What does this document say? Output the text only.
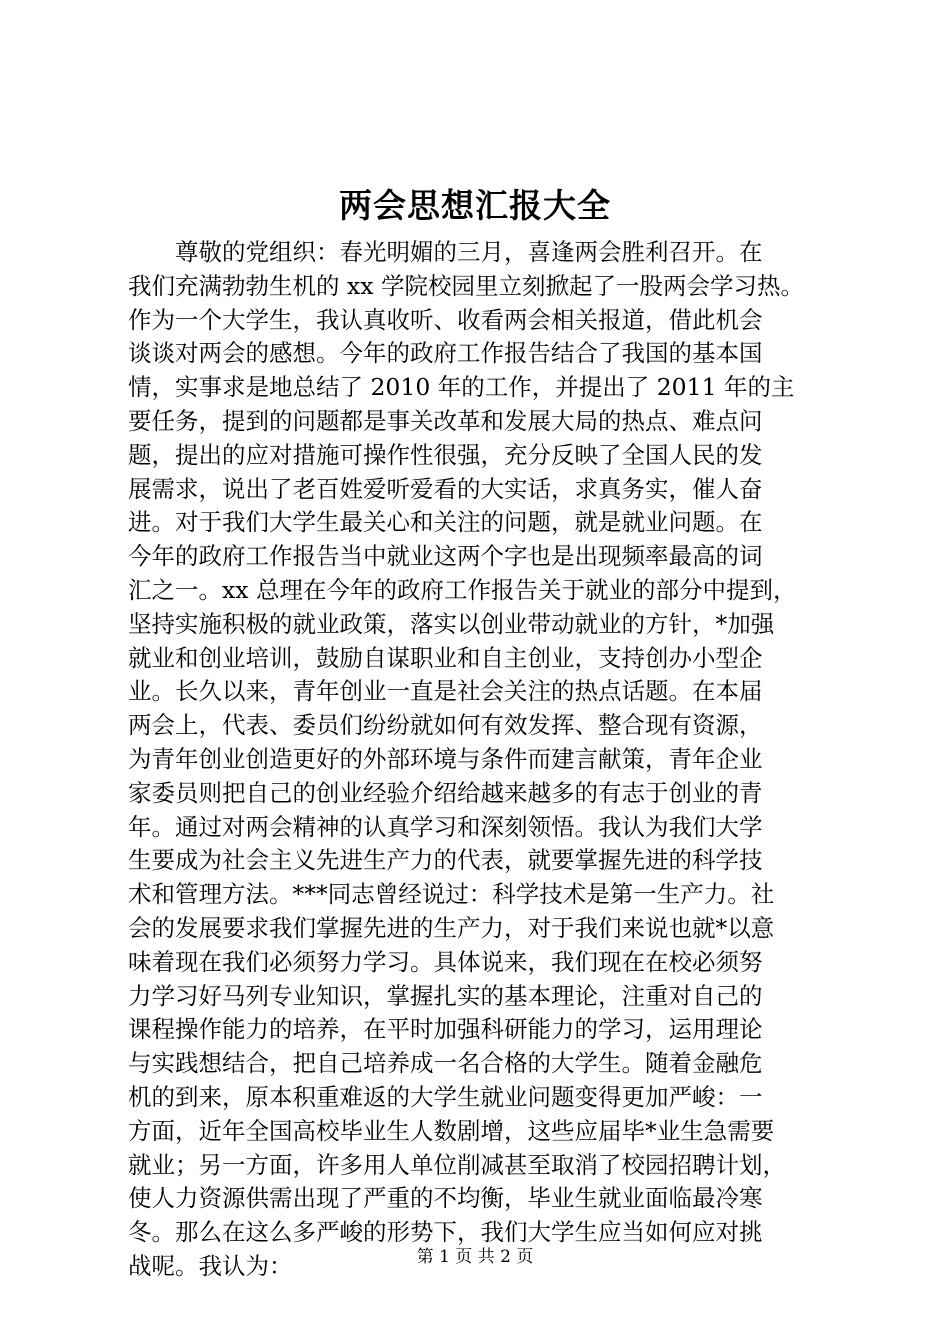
两会思想汇报大全
　　尊敬的党组织：春光明媚的三月，喜逢两会胜利召开。在
我们充满勃勃生机的 xx 学院校园里立刻掀起了一股两会学习热。
作为一个大学生，我认真收听、收看两会相关报道，借此机会
谈谈对两会的感想。今年的政府工作报告结合了我国的基本国
情，实事求是地总结了 2010 年的工作，并提出了 2011 年的主
要任务，提到的问题都是事关改革和发展大局的热点、难点问
题，提出的应对措施可操作性很强，充分反映了全国人民的发
展需求，说出了老百姓爱听爱看的大实话，求真务实，催人奋
进。对于我们大学生最关心和关注的问题，就是就业问题。在
今年的政府工作报告当中就业这两个字也是出现频率最高的词
汇之一。xx 总理在今年的政府工作报告关于就业的部分中提到，
坚持实施积极的就业政策，落实以创业带动就业的方针，*加强
就业和创业培训，鼓励自谋职业和自主创业，支持创办小型企
业。长久以来，青年创业一直是社会关注的热点话题。在本届
两会上，代表、委员们纷纷就如何有效发挥、整合现有资源，
为青年创业创造更好的外部环境与条件而建言献策，青年企业
家委员则把自己的创业经验介绍给越来越多的有志于创业的青
年。通过对两会精神的认真学习和深刻领悟。我认为我们大学
生要成为社会主义先进生产力的代表，就要掌握先进的科学技
术和管理方法。***同志曾经说过：科学技术是第一生产力。社
会的发展要求我们掌握先进的生产力，对于我们来说也就*以意
味着现在我们必须努力学习。具体说来，我们现在在校必须努
力学习好马列专业知识，掌握扎实的基本理论，注重对自己的
课程操作能力的培养，在平时加强科研能力的学习，运用理论
与实践想结合，把自己培养成一名合格的大学生。随着金融危
机的到来，原本积重难返的大学生就业问题变得更加严峻：一
方面，近年全国高校毕业生人数剧增，这些应届毕*业生急需要
就业；另一方面，许多用人单位削减甚至取消了校园招聘计划，
使人力资源供需出现了严重的不均衡，毕业生就业面临最冷寒
冬。那么在这么多严峻的形势下，我们大学生应当如何应对挑
战呢。我认为：	第 1 页 共 2 页
